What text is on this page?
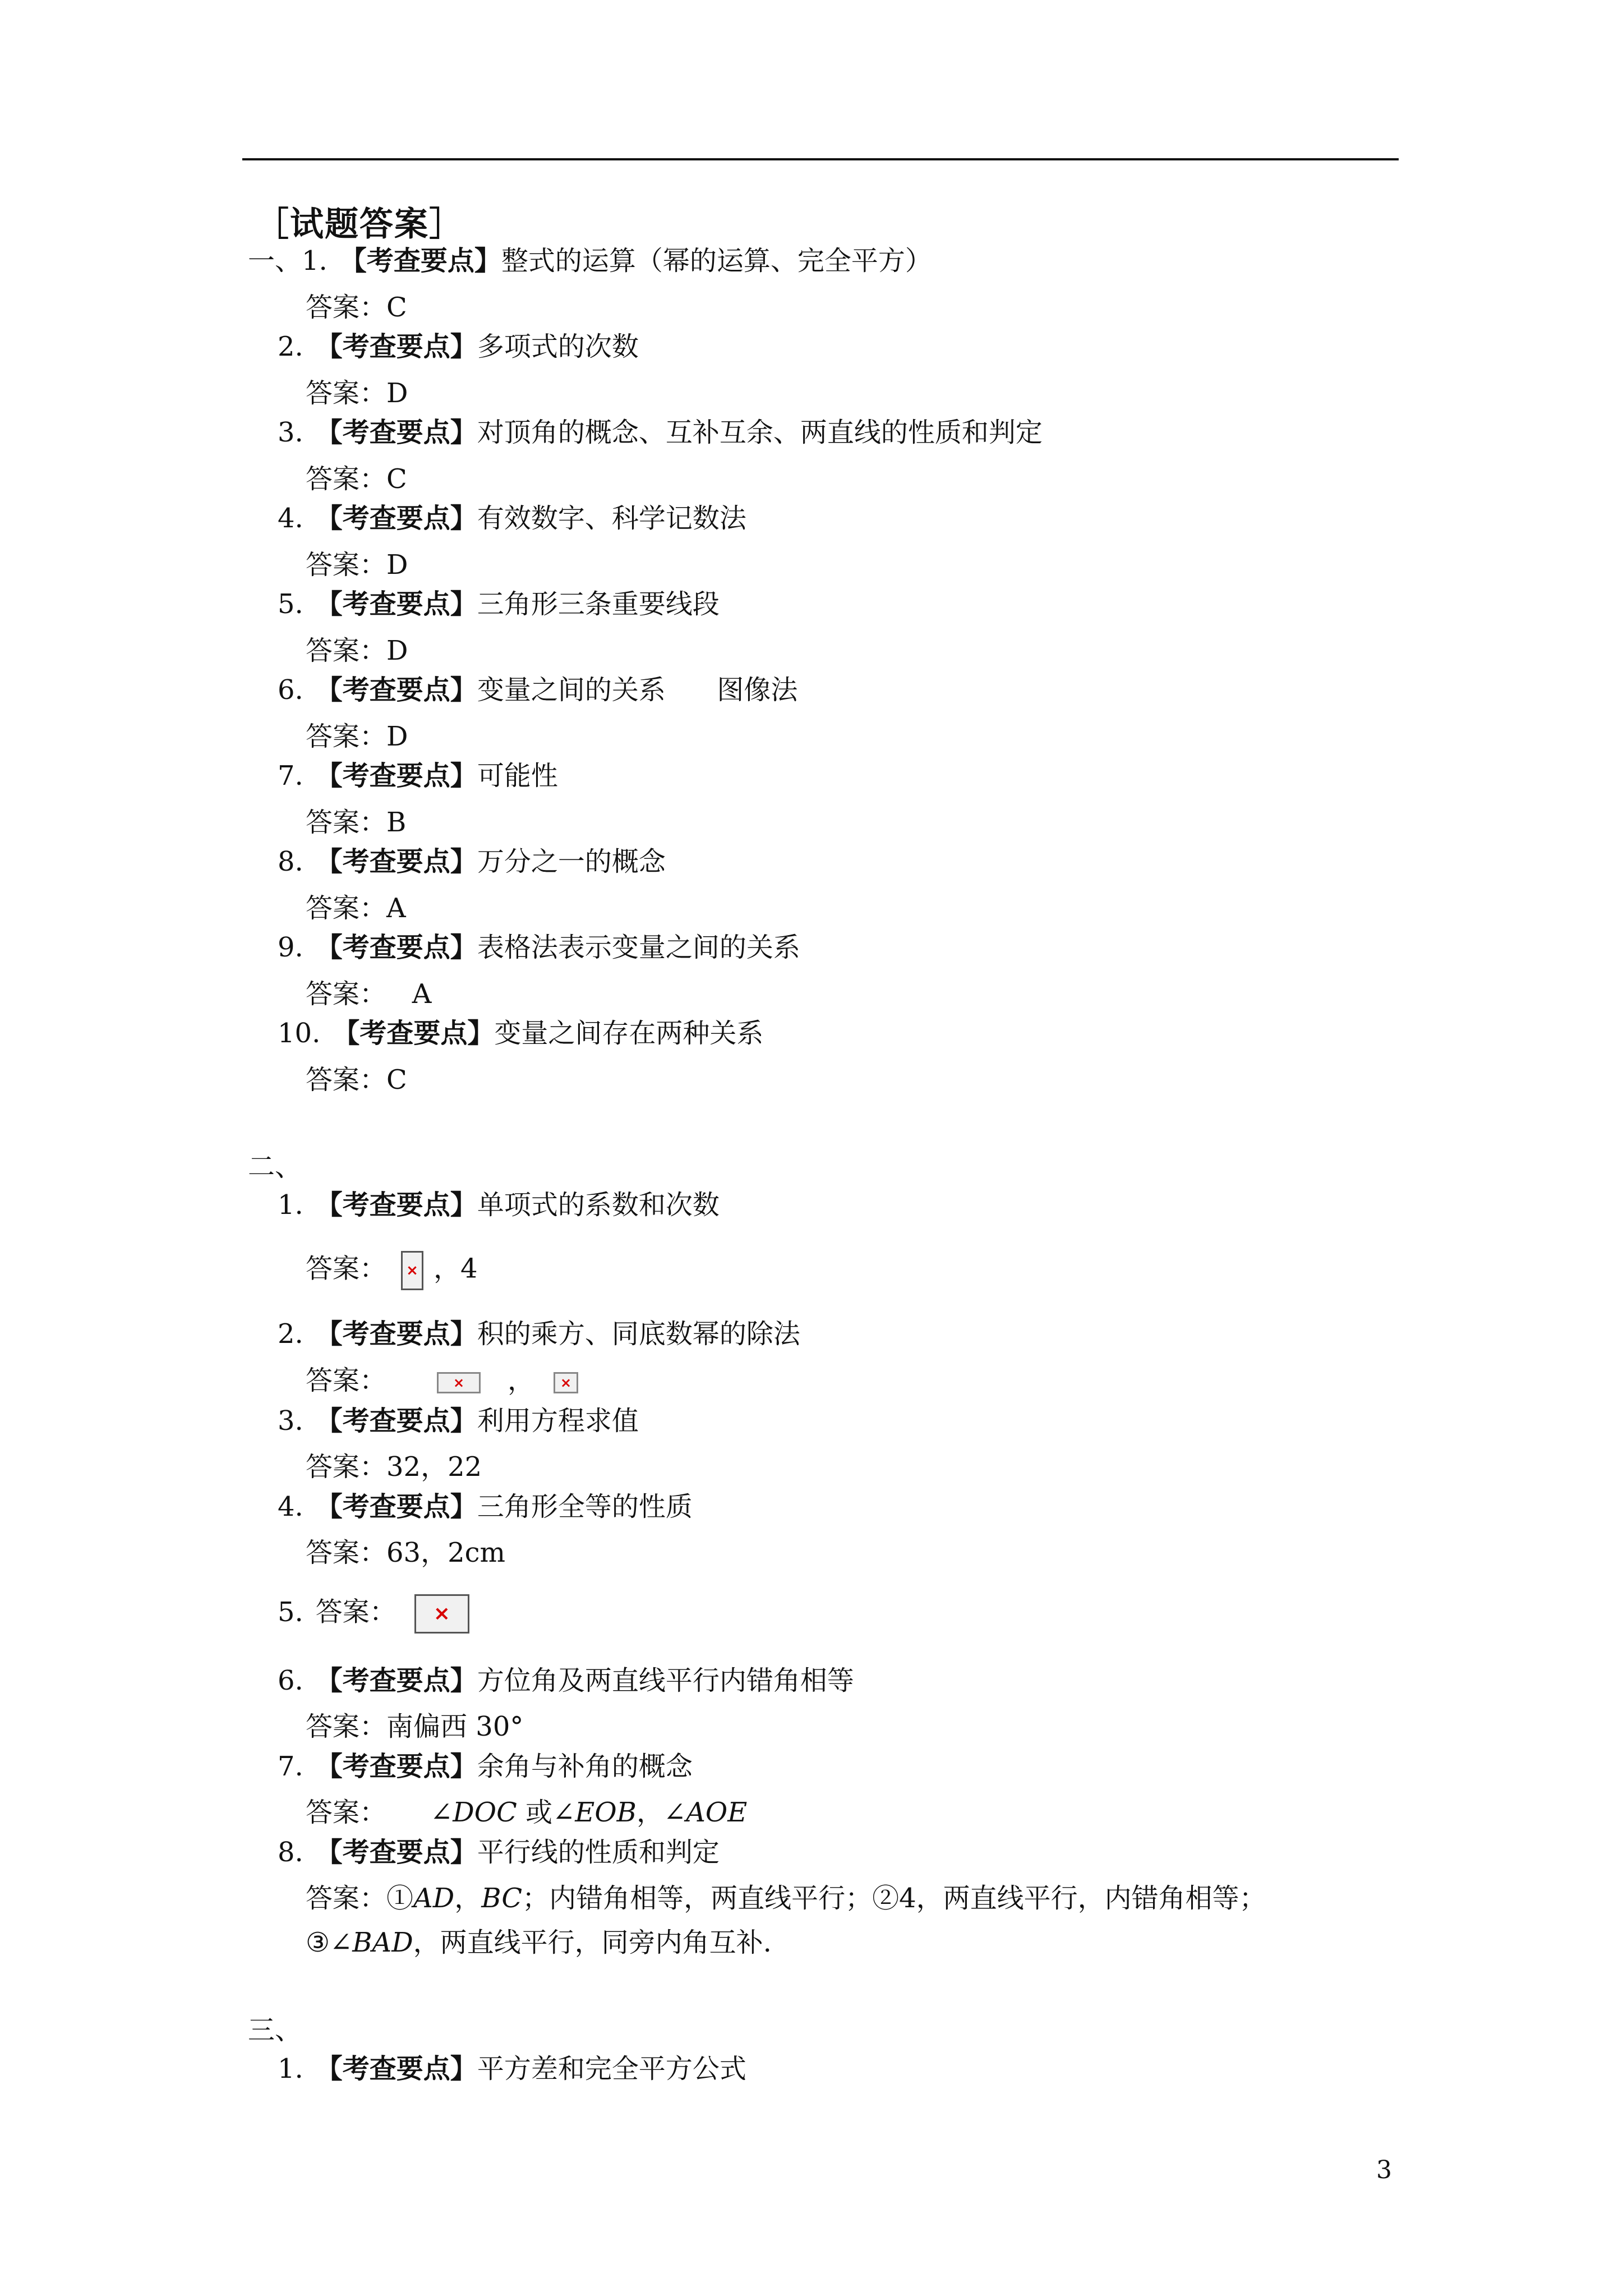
［试题答案］
一、1. 【考查要点】整式的运算（幂的运算、完全平方）
答案：C
2. 【考查要点】多项式的次数
答案：D
3. 【考查要点】对顶角的概念、互补互余、两直线的性质和判定
答案：C
4. 【考查要点】有效数字、科学记数法
答案：D
5. 【考查要点】三角形三条重要线段
答案：D
6. 【考查要点】变量之间的关系      图像法
答案：D
7. 【考查要点】可能性
答案：B
8. 【考查要点】万分之一的概念
答案：A
9. 【考查要点】表格法表示变量之间的关系
答案：   A
10. 【考查要点】变量之间存在两种关系
答案：C
二、
1. 【考查要点】单项式的系数和次数
答案： × ，4
2. 【考查要点】积的乘方、同底数幂的除法
答案：	×	，	×
3. 【考查要点】利用方程求值
答案：32，22
4. 【考查要点】三角形全等的性质
答案：63，2cm
5. 答案：	×
6. 【考查要点】方位角及两直线平行内错角相等
答案：南偏西 30°
7. 【考查要点】余角与补角的概念
答案： ∠DOC 或∠EOB，∠AOE
8. 【考查要点】平行线的性质和判定
答案：①AD，BC；内错角相等，两直线平行；②4，两直线平行，内错角相等；
③∠BAD，两直线平行，同旁内角互补.
三、
1. 【考查要点】平方差和完全平方公式
3
